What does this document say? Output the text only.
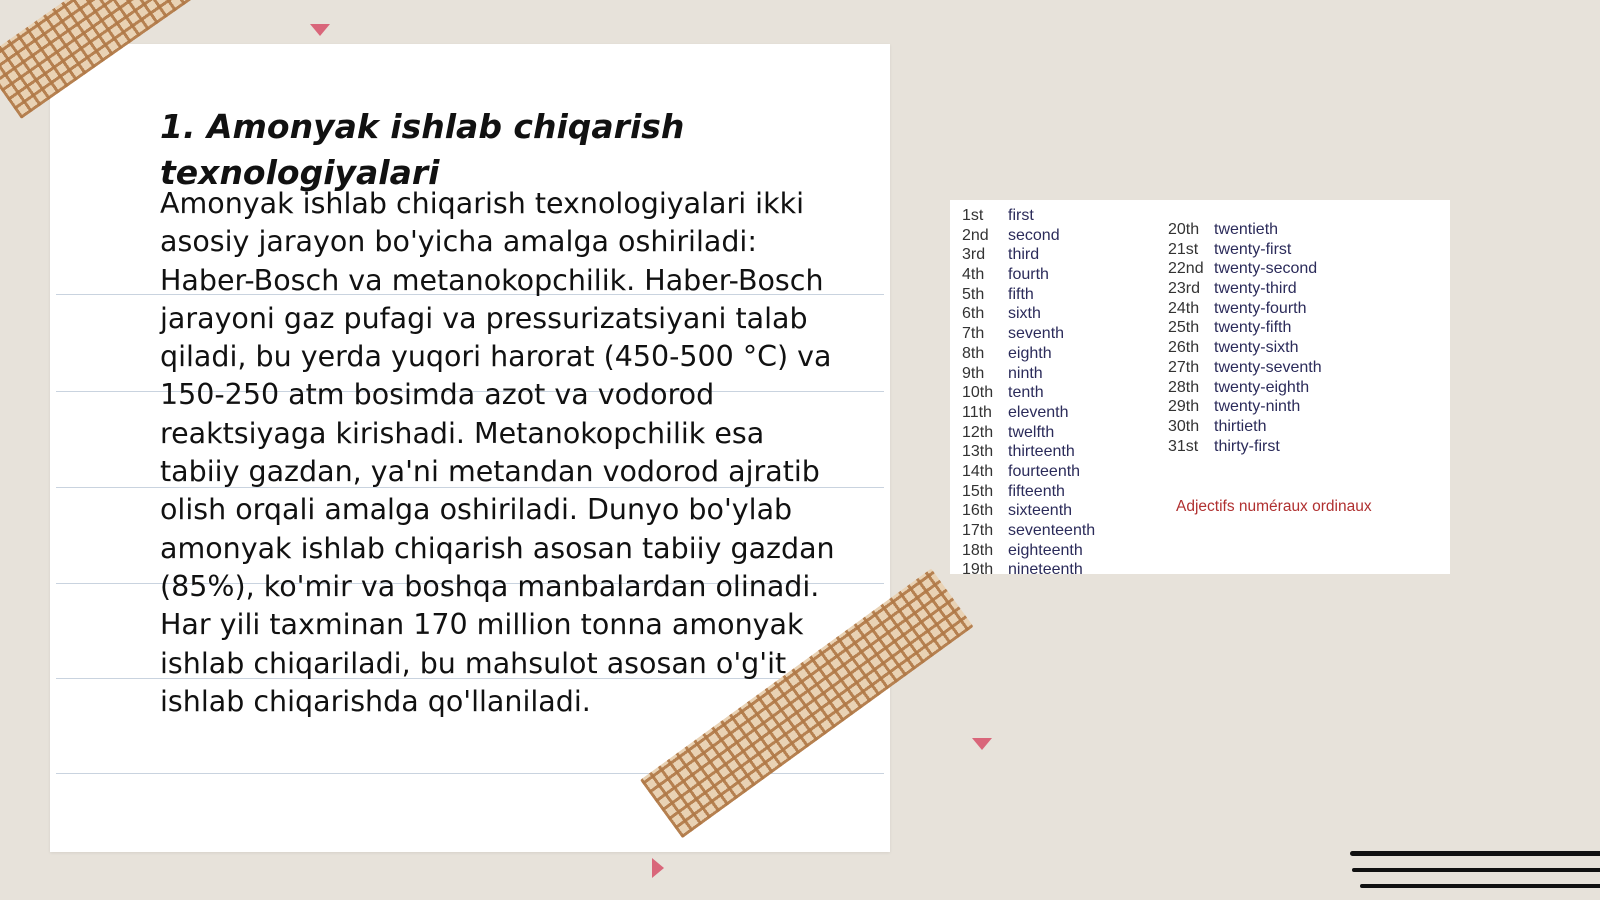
1. Amonyak ishlab chiqarish texnologiyalari

Amonyak ishlab chiqarish texnologiyalari ikki asosiy jarayon bo'yicha amalga oshiriladi: Haber-Bosch va metanokopchilik. Haber-Bosch jarayoni gaz pufagi va pressurizatsiyani talab qiladi, bu yerda yuqori harorat (450-500 °C) va 150-250 atm bosimda azot va vodorod reaktsiyaga kirishadi. Metanokopchilik esa tabiiy gazdan, ya'ni metandan vodorod ajratib olish orqali amalga oshiriladi. Dunyo bo'ylab amonyak ishlab chiqarish asosan tabiiy gazdan (85%), ko'mir va boshqa manbalardan olinadi. Har yili taxminan 170 million tonna amonyak ishlab chiqariladi, bu mahsulot asosan o'g'it ishlab chiqarishda qo'llaniladi.

1st first
2nd second
3rd third
4th fourth
5th fifth
6th sixth
7th seventh
8th eighth
9th ninth
10th tenth
11th eleventh
12th twelfth
13th thirteenth
14th fourteenth
15th fifteenth
16th sixteenth
17th seventeenth
18th eighteenth
19th nineteenth
20th twentieth
21st twenty-first
22nd twenty-second
23rd twenty-third
24th twenty-fourth
25th twenty-fifth
26th twenty-sixth
27th twenty-seventh
28th twenty-eighth
29th twenty-ninth
30th thirtieth
31st thirty-first
Adjectifs numéraux ordinaux
